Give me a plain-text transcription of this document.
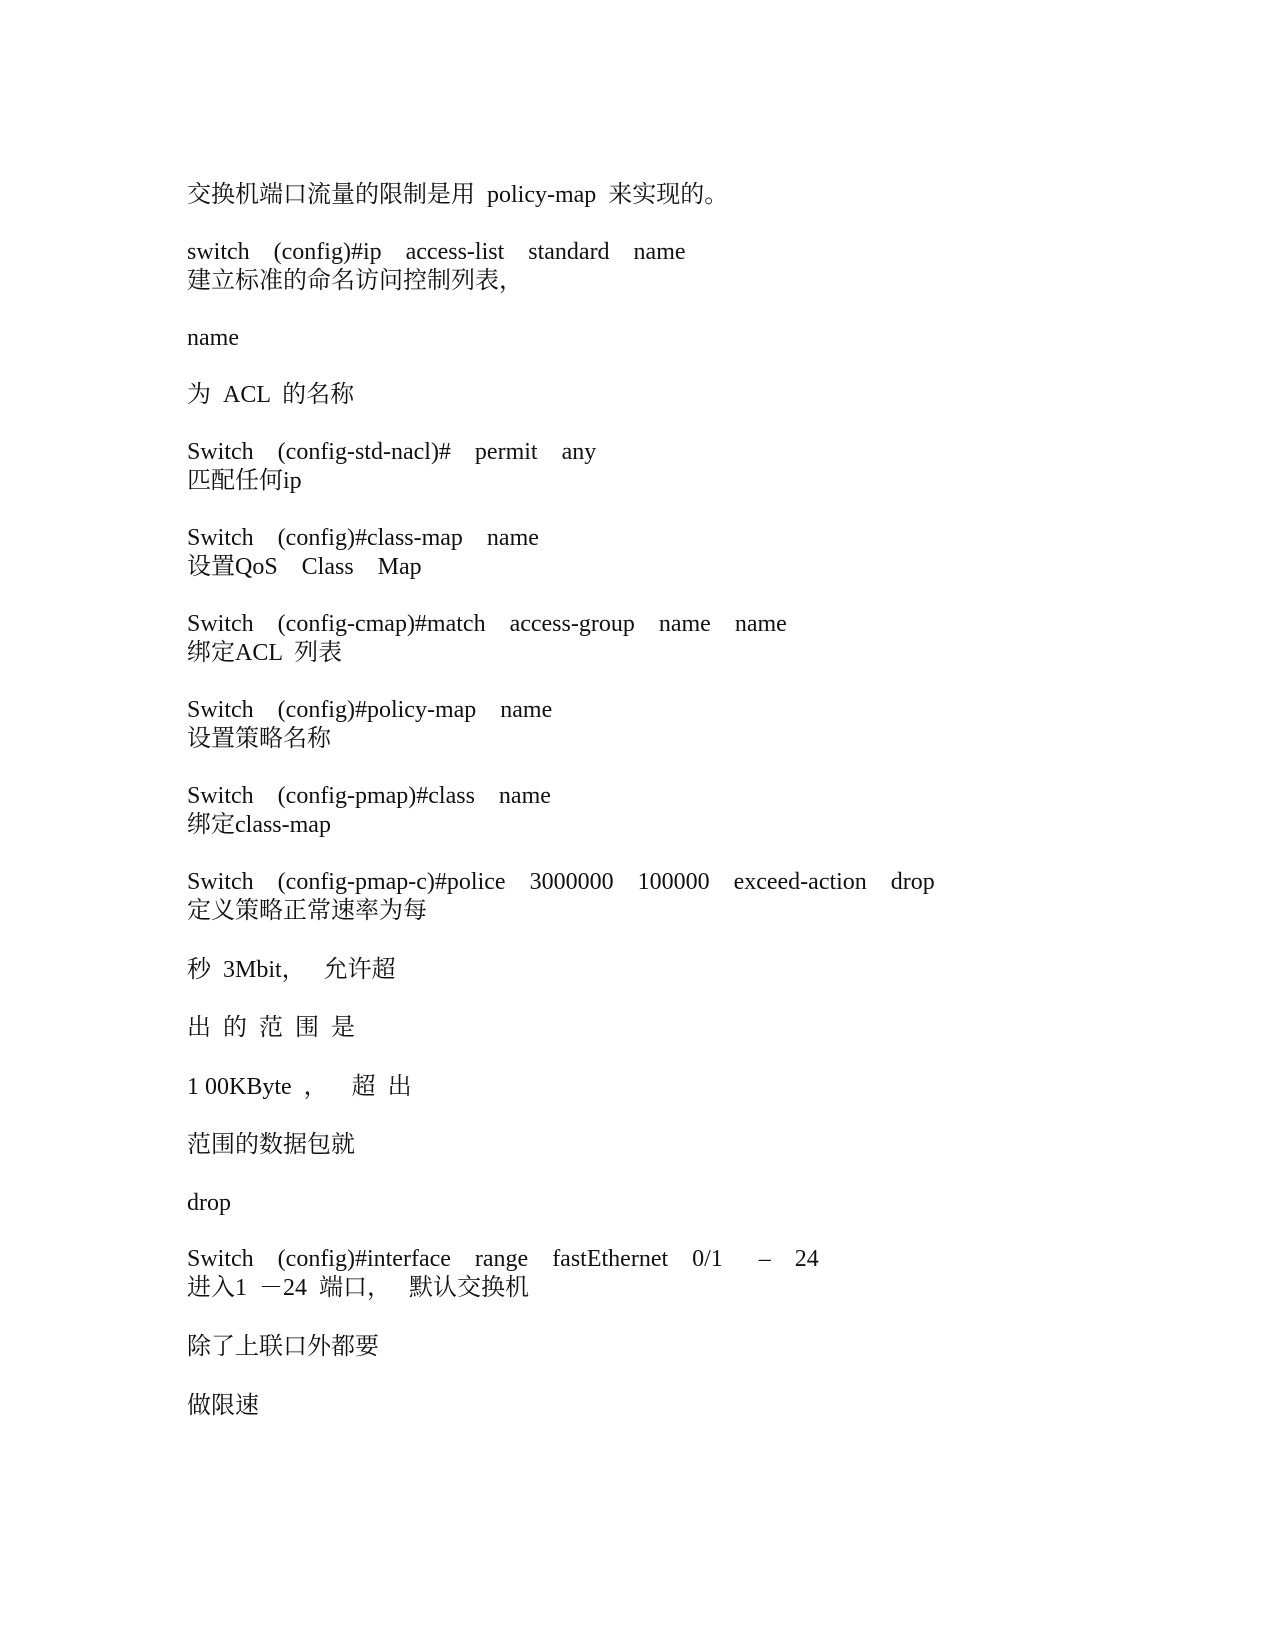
交换机端口流量的限制是用  policy-map  来实现的。

switch    (config)#ip    access-list    standard    name

建立标准的命名访问控制列表，

name

为  ACL  的名称

Switch    (config-std-nacl)#    permit    any

匹配任何ip

Switch    (config)#class-map    name

设置QoS    Class    Map

Switch    (config-cmap)#match    access-group    name    name

绑定ACL  列表

Switch    (config)#policy-map    name

设置策略名称

Switch    (config-pmap)#class    name

绑定class-map

Switch    (config-pmap-c)#police    3000000    100000    exceed-action    drop

定义策略正常速率为每

秒  3Mbit，   允许超

出  的  范  围  是

1 00KByte  ，    超  出

范围的数据包就

drop

Switch    (config)#interface    range    fastEthernet    0/1      –    24

进入1  －24  端口，   默认交换机

除了上联口外都要

做限速
